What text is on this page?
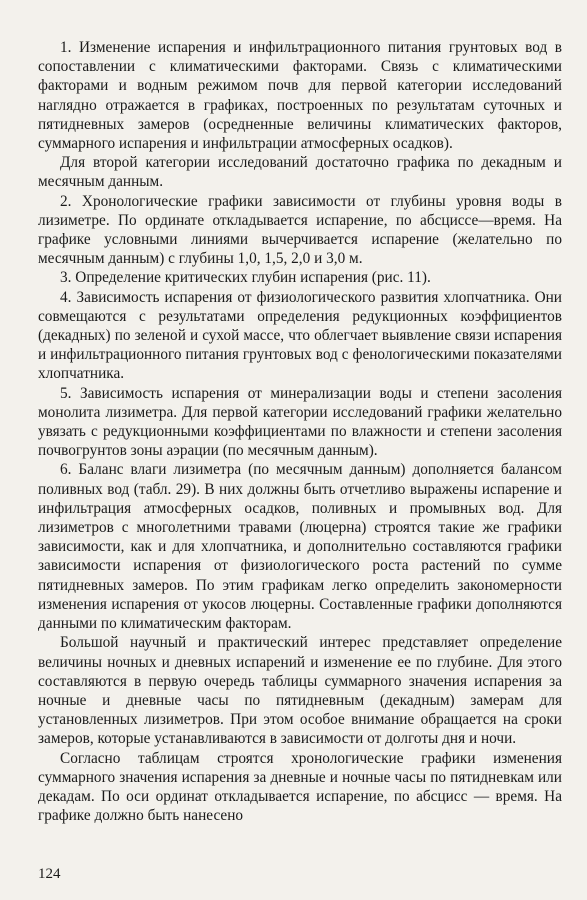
1. Изменение испарения и инфильтрационного питания грунтовых вод в сопоставлении с климатическими факторами. Связь с климатическими факторами и водным режимом почв для первой категории исследований наглядно отражается в графиках, построенных по результатам суточных и пятидневных замеров (осредненные величины климатических факторов, суммарного испарения и инфильтрации атмосферных осадков).

Для второй категории исследований достаточно графика по декадным и месячным данным.

2. Хронологические графики зависимости от глубины уровня воды в лизиметре. По ординате откладывается испарение, по абсциссе—время. На графике условными линиями вычерчивается испарение (желательно по месячным данным) с глубины 1,0, 1,5, 2,0 и 3,0 м.

3. Определение критических глубин испарения (рис. 11).

4. Зависимость испарения от физиологического развития хлопчатника. Они совмещаются с результатами определения редукционных коэффициентов (декадных) по зеленой и сухой массе, что облегчает выявление связи испарения и инфильтрационного питания грунтовых вод с фенологическими показателями хлопчатника.

5. Зависимость испарения от минерализации воды и степени засоления монолита лизиметра. Для первой категории исследований графики желательно увязать с редукционными коэффициентами по влажности и степени засоления почвогрунтов зоны аэрации (по месячным данным).

6. Баланс влаги лизиметра (по месячным данным) дополняется балансом поливных вод (табл. 29). В них должны быть отчетливо выражены испарение и инфильтрация атмосферных осадков, поливных и промывных вод. Для лизиметров с многолетними травами (люцерна) строятся такие же графики зависимости, как и для хлопчатника, и дополнительно составляются графики зависимости испарения от физиологического роста растений по сумме пятидневных замеров. По этим графикам легко определить закономерности изменения испарения от укосов люцерны. Составленные графики дополняются данными по климатическим факторам.

Большой научный и практический интерес представляет определение величины ночных и дневных испарений и изменение ее по глубине. Для этого составляются в первую очередь таблицы суммарного значения испарения за ночные и дневные часы по пятидневным (декадным) замерам для установленных лизиметров. При этом особое внимание обращается на сроки замеров, которые устанавливаются в зависимости от долготы дня и ночи.

Согласно таблицам строятся хронологические графики изменения суммарного значения испарения за дневные и ночные часы по пятидневкам или декадам. По оси ординат откладывается испарение, по абсцисс — время. На графике должно быть нанесено

124
